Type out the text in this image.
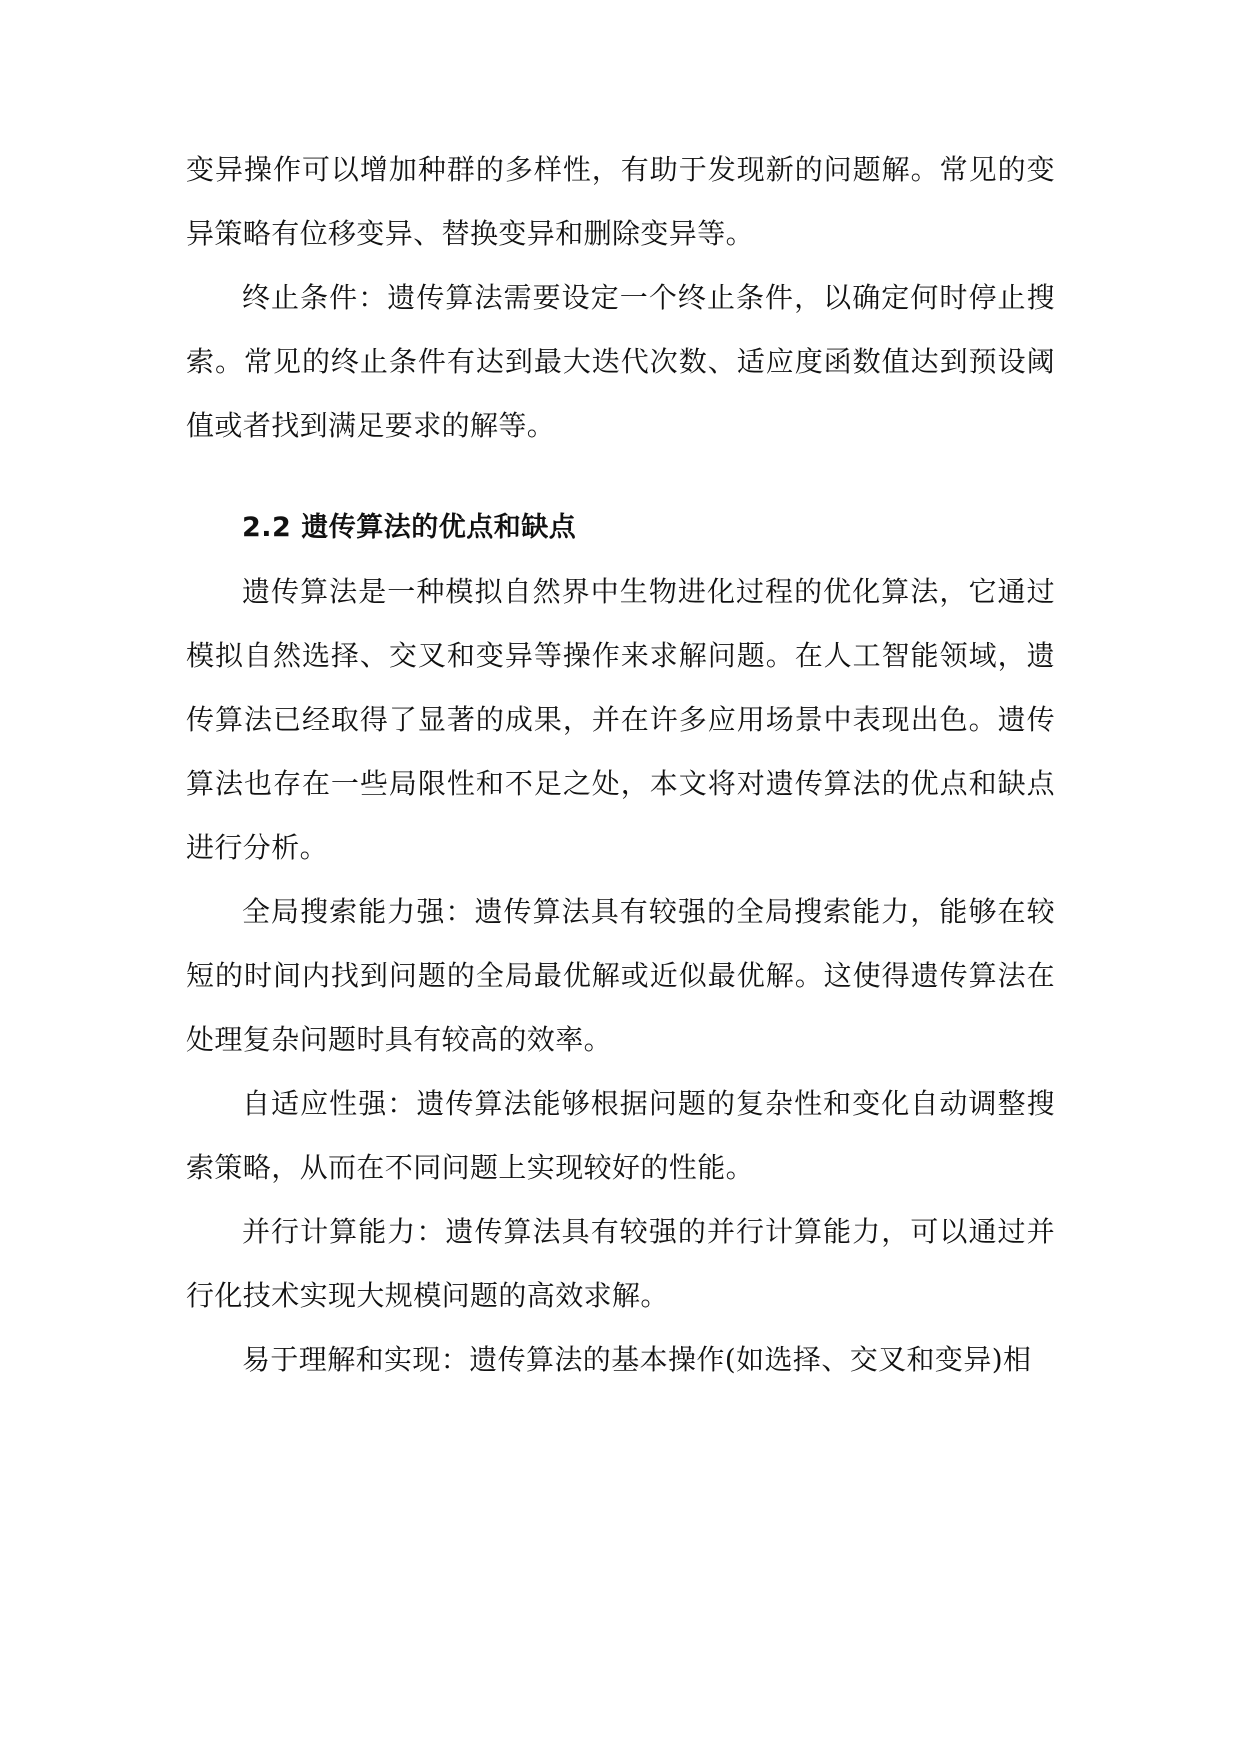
变异操作可以增加种群的多样性，有助于发现新的问题解。常见的变异策略有位移变异、替换变异和删除变异等。

终止条件：遗传算法需要设定一个终止条件，以确定何时停止搜索。常见的终止条件有达到最大迭代次数、适应度函数值达到预设阈值或者找到满足要求的解等。

2.2 遗传算法的优点和缺点

遗传算法是一种模拟自然界中生物进化过程的优化算法，它通过模拟自然选择、交叉和变异等操作来求解问题。在人工智能领域，遗传算法已经取得了显著的成果，并在许多应用场景中表现出色。遗传算法也存在一些局限性和不足之处，本文将对遗传算法的优点和缺点进行分析。

全局搜索能力强：遗传算法具有较强的全局搜索能力，能够在较短的时间内找到问题的全局最优解或近似最优解。这使得遗传算法在处理复杂问题时具有较高的效率。

自适应性强：遗传算法能够根据问题的复杂性和变化自动调整搜索策略，从而在不同问题上实现较好的性能。

并行计算能力：遗传算法具有较强的并行计算能力，可以通过并行化技术实现大规模问题的高效求解。

易于理解和实现：遗传算法的基本操作(如选择、交叉和变异)相
